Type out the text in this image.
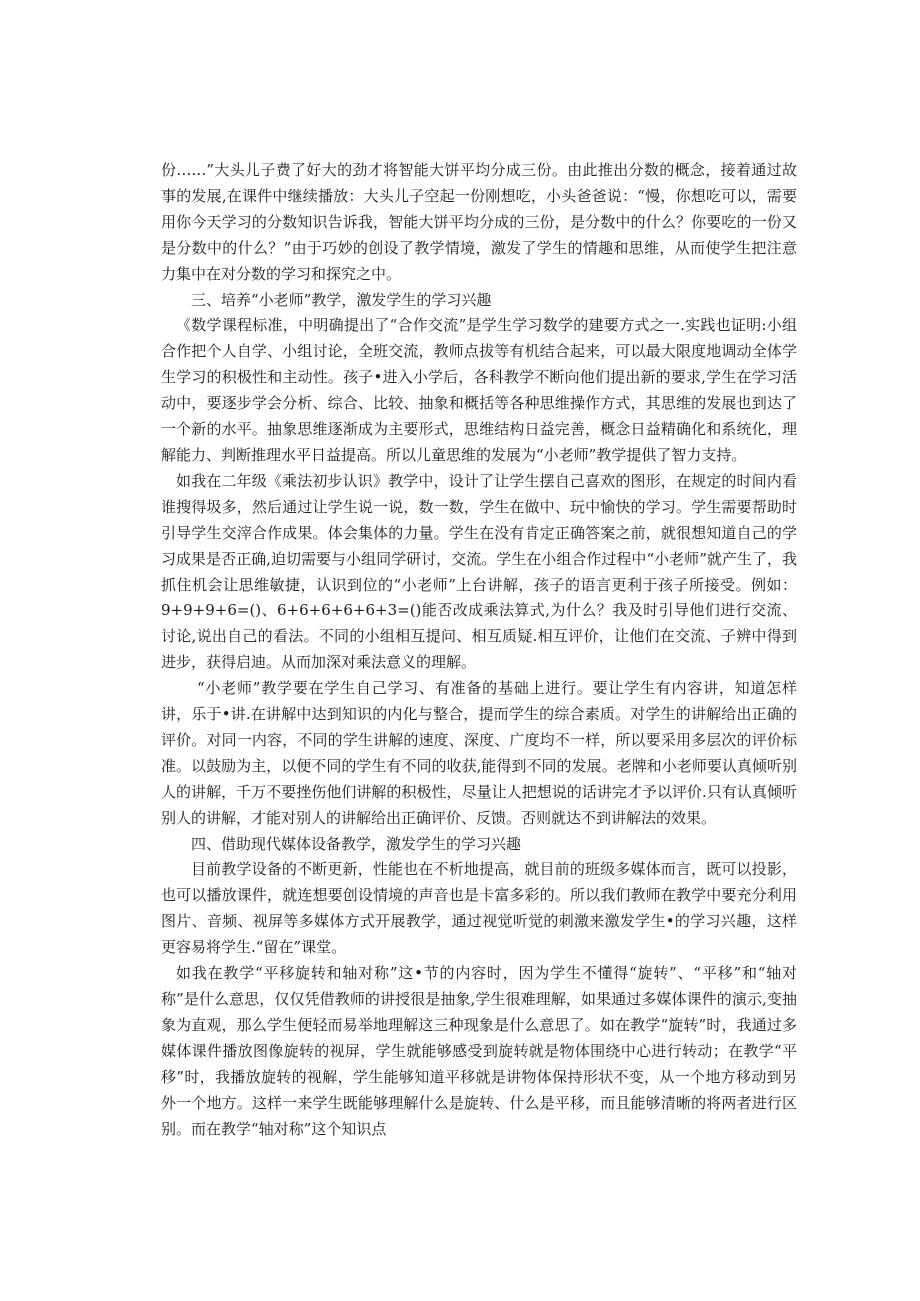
份……”大头儿子费了好大的劲才将智能大饼平均分成三份。由此推出分数的概念，接着通过故事的发展,在课件中继续播放：大头儿子空起一份刚想吃，小头爸爸说：“慢，你想吃可以，需要用你今天学习的分数知识告诉我，智能大饼平均分成的三份，是分数中的什么？你要吃的一份又是分数中的什么？”由于巧妙的创设了教学情境，激发了学生的情趣和思维，从而使学生把注意力集中在对分数的学习和探究之中。

三、培养“小老师”教学，激发学生的学习兴趣

《数学课程标准，中明确提出了“合作交流”是学生学习数学的建要方式之一.实践也证明:小组合作把个人自学、小组讨论，全班交流，教师点拔等有机结合起来，可以最大限度地调动全体学生学习的积极性和主动性。孩子•进入小学后，各科教学不断向他们提出新的要求,学生在学习活动中，要逐步学会分析、综合、比较、抽象和概括等各种思维操作方式，其思维的发展也到达了一个新的水平。抽象思维逐渐成为主要形式，思维结构日益完善，概念日益精确化和系统化，理解能力、判断推理水平日益提高。所以儿童思维的发展为“小老师”教学提供了智力支持。

如我在二年级《乘法初步认识》教学中，设计了让学生摆自己喜欢的图形，在规定的时间内看谁搜得圾多，然后通过让学生说一说，数一数，学生在做中、玩中愉快的学习。学生需要帮助时引导学生交滓合作成果。体会集体的力量。学生在没有肯定正确答案之前，就很想知道自己的学习成果是否正确,迫切需要与小组同学研讨，交流。学生在小组合作过程中“小老师”就产生了，我抓住机会让思维敏捷，认识到位的“小老师”上台讲解，孩子的语言更利于孩子所接受。例如：9+9+9+6=()、6+6+6+6+6+3=()能否改成乘法算式,为什么？我及时引导他们进行交流、讨论,说出自己的看法。不同的小组相互提问、相互质疑.相互评价，让他们在交流、子辨中得到进步，获得启迪。从而加深对乘法意义的理解。

“小老师”教学要在学生自己学习、有准备的基础上进行。要让学生有内容讲，知道怎样讲，乐于•讲.在讲解中达到知识的内化与整合，提而学生的综合素质。对学生的讲解给出正确的评价。对同一内容，不同的学生讲解的速度、深度、广度均不一样，所以要采用多层次的评价标准。以鼓励为主，以便不同的学生有不同的收获,能得到不同的发展。老牌和小老师要认真倾听别人的讲解，千万不要挫伤他们讲解的积极性，尽量让人把想说的话讲完才予以评价.只有认真倾听别人的讲解，才能对别人的讲解给出正确评价、反馈。否则就达不到讲解法的效果。

四、借助现代媒体设备教学，激发学生的学习兴趣

目前教学设备的不断更新，性能也在不析地提高，就目前的班级多媒体而言，既可以投影，也可以播放课件，就连想要创设情境的声音也是卡富多彩的。所以我们教师在教学中要充分利用图片、音频、视屏等多媒体方式开展教学，通过视觉听觉的刺激来激发学生•的学习兴趣，这样更容易将学生.“留在”课堂。

如我在教学“平移旋转和轴对称”这•节的内容时，因为学生不懂得“旋转”、“平移”和“轴对称”是什么意思，仅仅凭借教师的讲授很是抽象,学生很难理解，如果通过多媒体课件的演示,变抽象为直观，那么学生便轻而易举地理解这三种现象是什么意思了。如在教学“旋转”时，我通过多媒体课件播放图像旋转的视屏，学生就能够感受到旋转就是物体围绕中心进行转动；在教学“平移”时，我播放旋转的视解，学生能够知道平移就是讲物体保持形状不变，从一个地方移动到另外一个地方。这样一来学生既能够理解什么是旋转、什么是平移，而且能够清晰的将两者进行区别。而在教学“轴对称”这个知识点
